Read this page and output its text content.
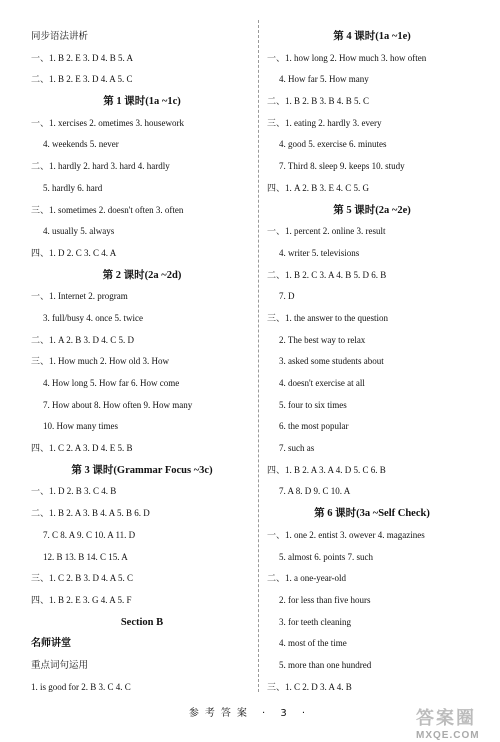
同步语法讲析
一、1. B 2. E 3. D 4. B 5. A
二、1. B 2. E 3. D 4. A 5. C
第 1 课时(1a ~1c)
一、1. xercises 2. ometimes 3. housework
4. weekends 5. never
二、1. hardly 2. hard 3. hard 4. hardly
5. hardly 6. hard
三、1. sometimes 2. doesn't often 3. often
4. usually 5. always
四、1. D 2. C 3. C 4. A
第 2 课时(2a ~2d)
一、1. Internet 2. program
3. full/busy 4. once 5. twice
二、1. A 2. B 3. D 4. C 5. D
三、1. How much 2. How old 3. How
4. How long 5. How far 6. How come
7. How about 8. How often 9. How many
10. How many times
四、1. C 2. A 3. D 4. E 5. B
第 3 课时(Grammar Focus ~3c)
一、1. D 2. B 3. C 4. B
二、1. B 2. A 3. B 4. A 5. B 6. D
7. C 8. A 9. C 10. A 11. D
12. B 13. B 14. C 15. A
三、1. C 2. B 3. D 4. A 5. C
四、1. B 2. E 3. G 4. A 5. F
Section B
名师讲堂
重点词句运用
1. is good for 2. B 3. C 4. C
第 4 课时(1a ~1e)
一、1. how long 2. How much 3. how often
4. How far 5. How many
二、1. B 2. B 3. B 4. B 5. C
三、1. eating 2. hardly 3. every
4. good 5. exercise 6. minutes
7. Third 8. sleep 9. keeps 10. study
四、1. A 2. B 3. E 4. C 5. G
第 5 课时(2a ~2e)
一、1. percent 2. online 3. result
4. writer 5. televisions
二、1. B 2. C 3. A 4. B 5. D 6. B
7. D
三、1. the answer to the question
2. The best way to relax
3. asked some students about
4. doesn't exercise at all
5. four to six times
6. the most popular
7. such as
四、1. B 2. A 3. A 4. D 5. C 6. B
7. A 8. D 9. C 10. A
第 6 课时(3a ~Self Check)
一、1. one 2. entist 3. owever 4. magazines
5. almost 6. points 7. such
二、1. a one-year-old
2. for less than five hours
3. for teeth cleaning
4. most of the time
5. more than one hundred
三、1. C 2. D 3. A 4. B
参考答案 · 3 ·	答案圈
MXQE.COM
